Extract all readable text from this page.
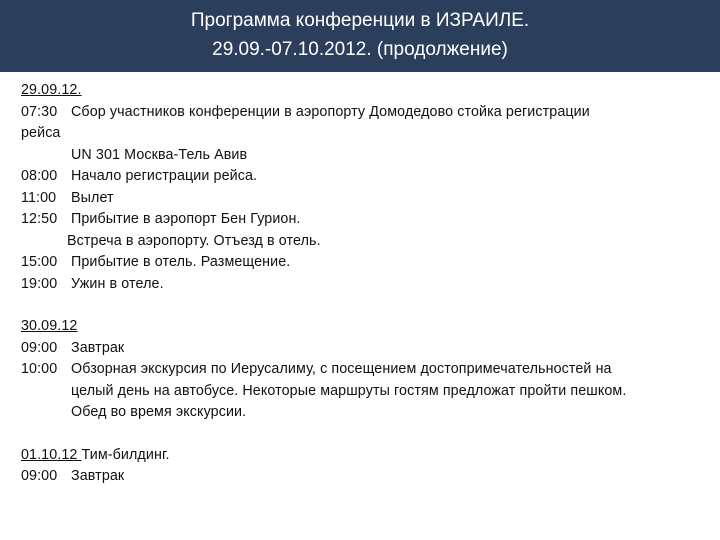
Программа конференции в ИЗРАИЛЕ.
29.09.-07.10.2012. (продолжение)
29.09.12.
07:30 Сбор участников конференции в аэропорту Домодедово стойка регистрации
рейса
UN 301 Москва-Тель Авив
08:00 Начало регистрации рейса.
11:00 Вылет
12:50 Прибытие в аэропорт Бен Гурион.
Встреча в аэропорту. Отъезд в отель.
15:00 Прибытие в отель. Размещение.
19:00 Ужин в отеле.
30.09.12
09:00 Завтрак
10:00 Обзорная экскурсия по Иерусалиму, с посещением достопримечательностей на
целый день на автобусе. Некоторые маршруты гостям предложат пройти пешком.
Обед во время экскурсии.
01.10.12 Тим-билдинг.
09:00 Завтрак
